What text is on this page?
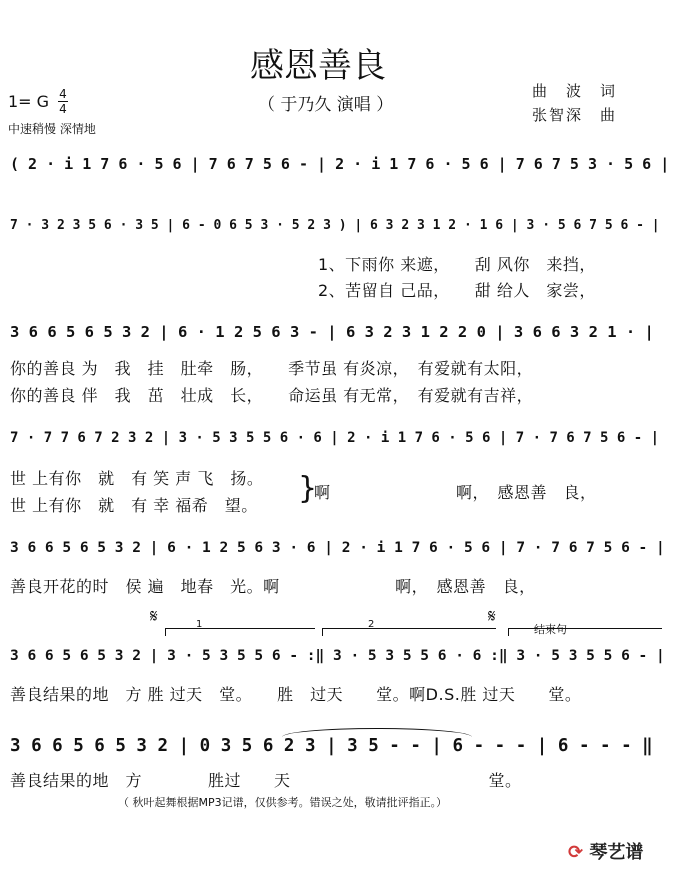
感恩善良
（ 于乃久 演唱 ）
曲　波　词
张智深　曲
1= G 4
4
中速稍慢 深情地
( 2 · i 1 7 6 · 5 6 | 7 6 7 5 6 - | 2 · i 1 7 6 · 5 6 | 7 6 7 5 3 · 5 6 |
7 · 3 2 3 5 6 · 3 5 | 6 - 0 6 5 3 · 5 2 3 ) | 6 3 2 3 1 2 · 1 6 | 3 · 5 6 7 5 6 - |
1、下雨你 来遮，　　刮 风你　来挡，
2、苦留自 己品，　　甜 给人　家尝，
3 6 6 5 6 5 3 2 | 6 · 1 2 5 6 3 - | 6 3 2 3 1 2 2 0 | 3 6 6 3 2 1 · |
你的善良 为　我　挂　肚牵　肠，　　季节虽 有炎凉，　有爱就有太阳，
你的善良 伴　我　茁　壮成　长，　　命运虽 有无常，　有爱就有吉祥，
7 · 7 7 6 7 2 3 2 | 3 · 5 3 5 5 6 · 6 | 2 · i 1 7 6 · 5 6 | 7 · 7 6 7 5 6 - |
世 上有你　就　有 笑 声 飞　扬。
世 上有你　就　有 幸 福希　望。 }
啊	啊，　感恩善　良，
3 6 6 5 6 5 3 2 | 6 · 1 2 5 6 3 · 6 | 2 · i 1 7 6 · 5 6 | 7 · 7 6 7 5 6 - |
善良开花的时　侯 遍　地春　光。啊　　　　　　　啊，　感恩善　良，
𝄋	𝄋
1	2	结束句
3 6 6 5 6 5 3 2 | 3 · 5 3 5 5 6 - :‖ 3 · 5 3 5 5 6 · 6 :‖ 3 · 5 3 5 5 6 - |
善良结果的地　方 胜 过天　堂。　　胜　过天　　堂。啊D.S.胜 过天　　堂。
3 6 6 5 6 5 3 2 | 0 3 5 6 2 3 | 3 5 - - | 6 - - - | 6 - - - ‖
善良结果的地　方　　　　胜过　　天　　　　　　　　　　　　堂。
（ 秋叶起舞根据MP3记谱，仅供参考。错误之处，敬请批评指正。）
⟳ 琴艺谱
